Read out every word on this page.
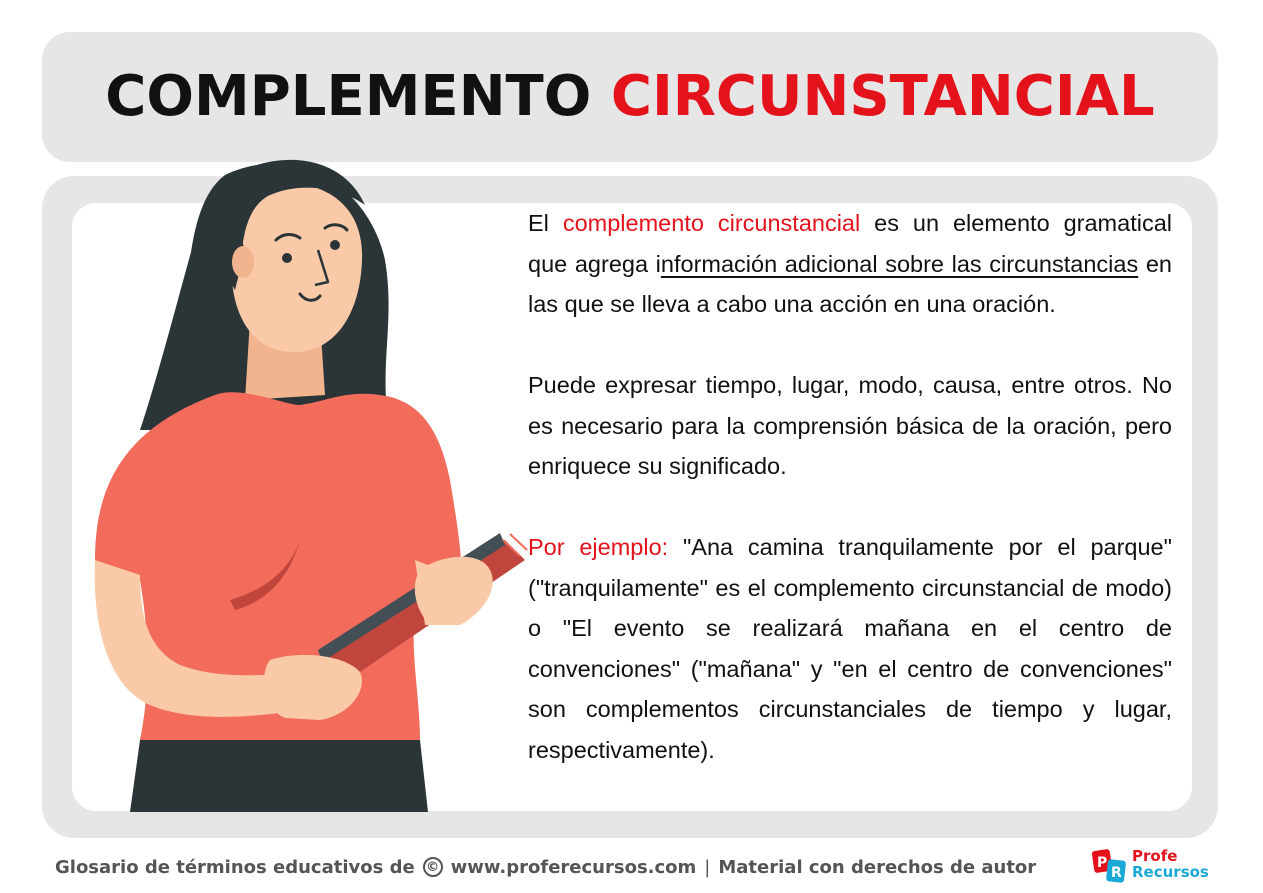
COMPLEMENTO CIRCUNSTANCIAL

El complemento circunstancial es un elemento gramatical que agrega información adicional sobre las circunstancias en las que se lleva a cabo una acción en una oración.

Puede expresar tiempo, lugar, modo, causa, entre otros. No es necesario para la comprensión básica de la oración, pero enriquece su significado.

Por ejemplo: "Ana camina tranquilamente por el parque" ("tranquilamente" es el complemento circunstancial de modo) o "El evento se realizará mañana en el centro de convenciones" ("mañana" y "en el centro de convenciones" son complementos circunstanciales de tiempo y lugar, respectivamente).

Glosario de términos educativos de © www.proferecursos.com | Material con derechos de autor	P
R
Profe
Recursos
